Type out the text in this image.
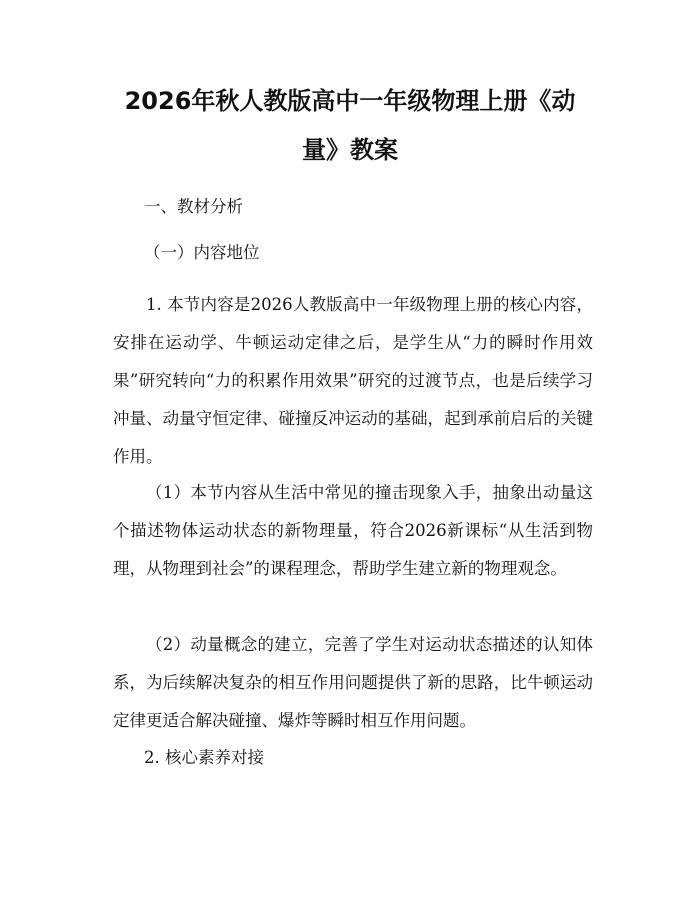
2026年秋人教版高中一年级物理上册《动
量》教案

一、教材分析

（一）内容地位

1. 本节内容是2026人教版高中一年级物理上册的核心内容，安排在运动学、牛顿运动定律之后，是学生从“力的瞬时作用效果”研究转向“力的积累作用效果”研究的过渡节点，也是后续学习冲量、动量守恒定律、碰撞反冲运动的基础，起到承前启后的关键作用。

（1）本节内容从生活中常见的撞击现象入手，抽象出动量这个描述物体运动状态的新物理量，符合2026新课标“从生活到物理，从物理到社会”的课程理念，帮助学生建立新的物理观念。

（2）动量概念的建立，完善了学生对运动状态描述的认知体系，为后续解决复杂的相互作用问题提供了新的思路，比牛顿运动定律更适合解决碰撞、爆炸等瞬时相互作用问题。

2. 核心素养对接
